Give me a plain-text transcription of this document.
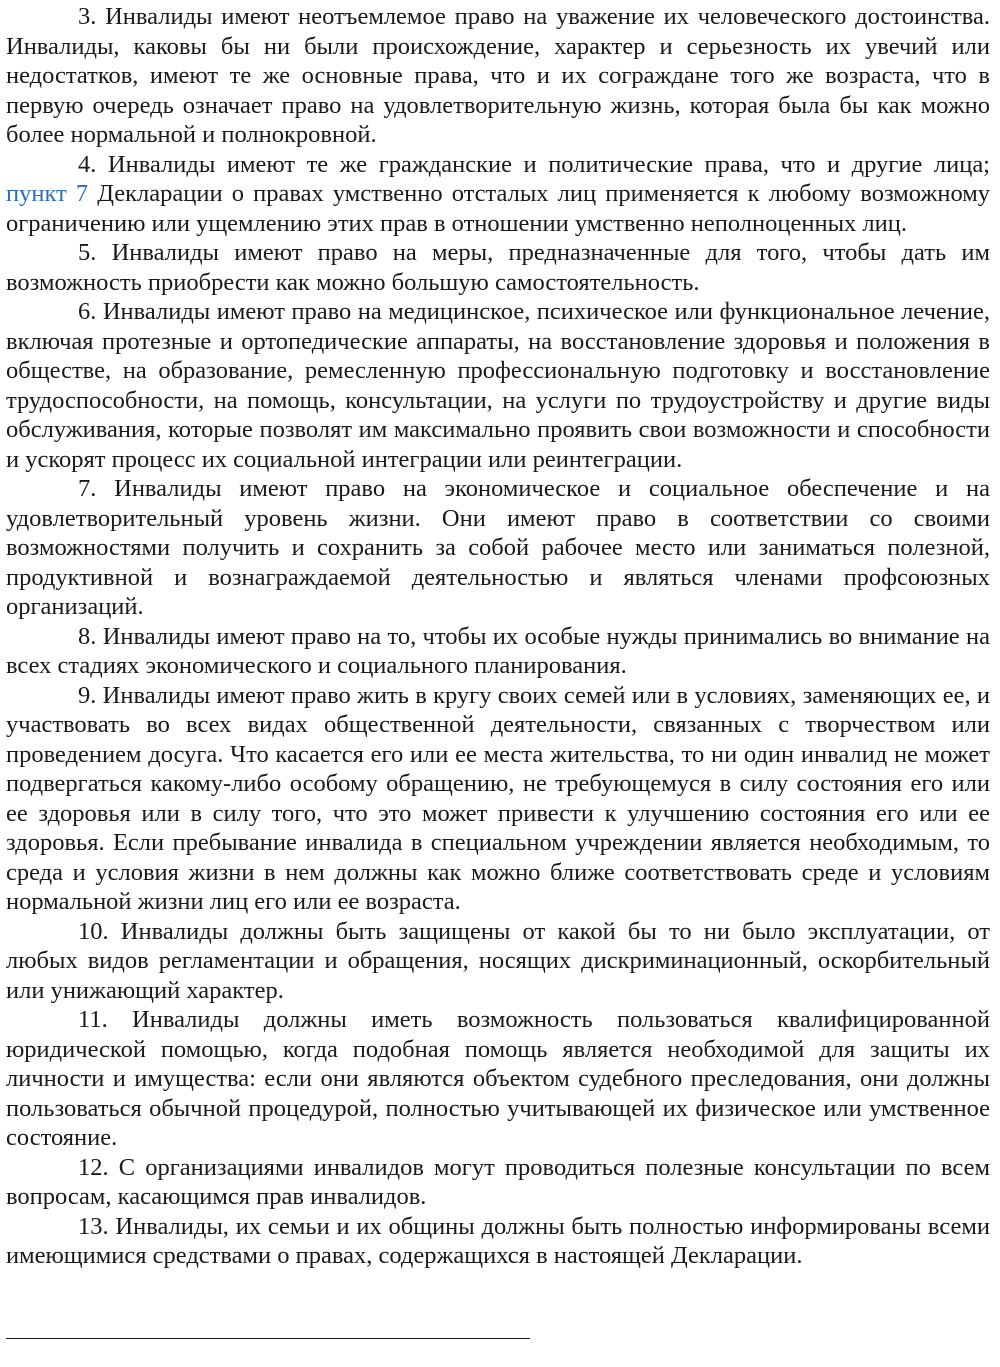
3. Инвалиды имеют неотъемлемое право на уважение их человеческого достоинства. Инвалиды, каковы бы ни были происхождение, характер и серьезность их увечий или недостатков, имеют те же основные права, что и их сограждане того же возраста, что в первую очередь означает право на удовлетворительную жизнь, которая была бы как можно более нормальной и полнокровной.

4. Инвалиды имеют те же гражданские и политические права, что и другие лица; пункт 7 Декларации о правах умственно отсталых лиц применяется к любому возможному ограничению или ущемлению этих прав в отношении умственно неполноценных лиц.

5. Инвалиды имеют право на меры, предназначенные для того, чтобы дать им возможность приобрести как можно большую самостоятельность.

6. Инвалиды имеют право на медицинское, психическое или функциональное лечение, включая протезные и ортопедические аппараты, на восстановление здоровья и положения в обществе, на образование, ремесленную профессиональную подготовку и восстановление трудоспособности, на помощь, консультации, на услуги по трудоустройству и другие виды обслуживания, которые позволят им максимально проявить свои возможности и способности и ускорят процесс их социальной интеграции или реинтеграции.

7. Инвалиды имеют право на экономическое и социальное обеспечение и на удовлетворительный уровень жизни. Они имеют право в соответствии со своими возможностями получить и сохранить за собой рабочее место или заниматься полезной, продуктивной и вознаграждаемой деятельностью и являться членами профсоюзных организаций.

8. Инвалиды имеют право на то, чтобы их особые нужды принимались во внимание на всех стадиях экономического и социального планирования.

9. Инвалиды имеют право жить в кругу своих семей или в условиях, заменяющих ее, и участвовать во всех видах общественной деятельности, связанных с творчеством или проведением досуга. Что касается его или ее места жительства, то ни один инвалид не может подвергаться какому-либо особому обращению, не требующемуся в силу состояния его или ее здоровья или в силу того, что это может привести к улучшению состояния его или ее здоровья. Если пребывание инвалида в специальном учреждении является необходимым, то среда и условия жизни в нем должны как можно ближе соответствовать среде и условиям нормальной жизни лиц его или ее возраста.

10. Инвалиды должны быть защищены от какой бы то ни было эксплуатации, от любых видов регламентации и обращения, носящих дискриминационный, оскорбительный или унижающий характер.

11. Инвалиды должны иметь возможность пользоваться квалифицированной юридической помощью, когда подобная помощь является необходимой для защиты их личности и имущества: если они являются объектом судебного преследования, они должны пользоваться обычной процедурой, полностью учитывающей их физическое или умственное состояние.

12. С организациями инвалидов могут проводиться полезные консультации по всем вопросам, касающимся прав инвалидов.

13. Инвалиды, их семьи и их общины должны быть полностью информированы всеми имеющимися средствами о правах, содержащихся в настоящей Декларации.
